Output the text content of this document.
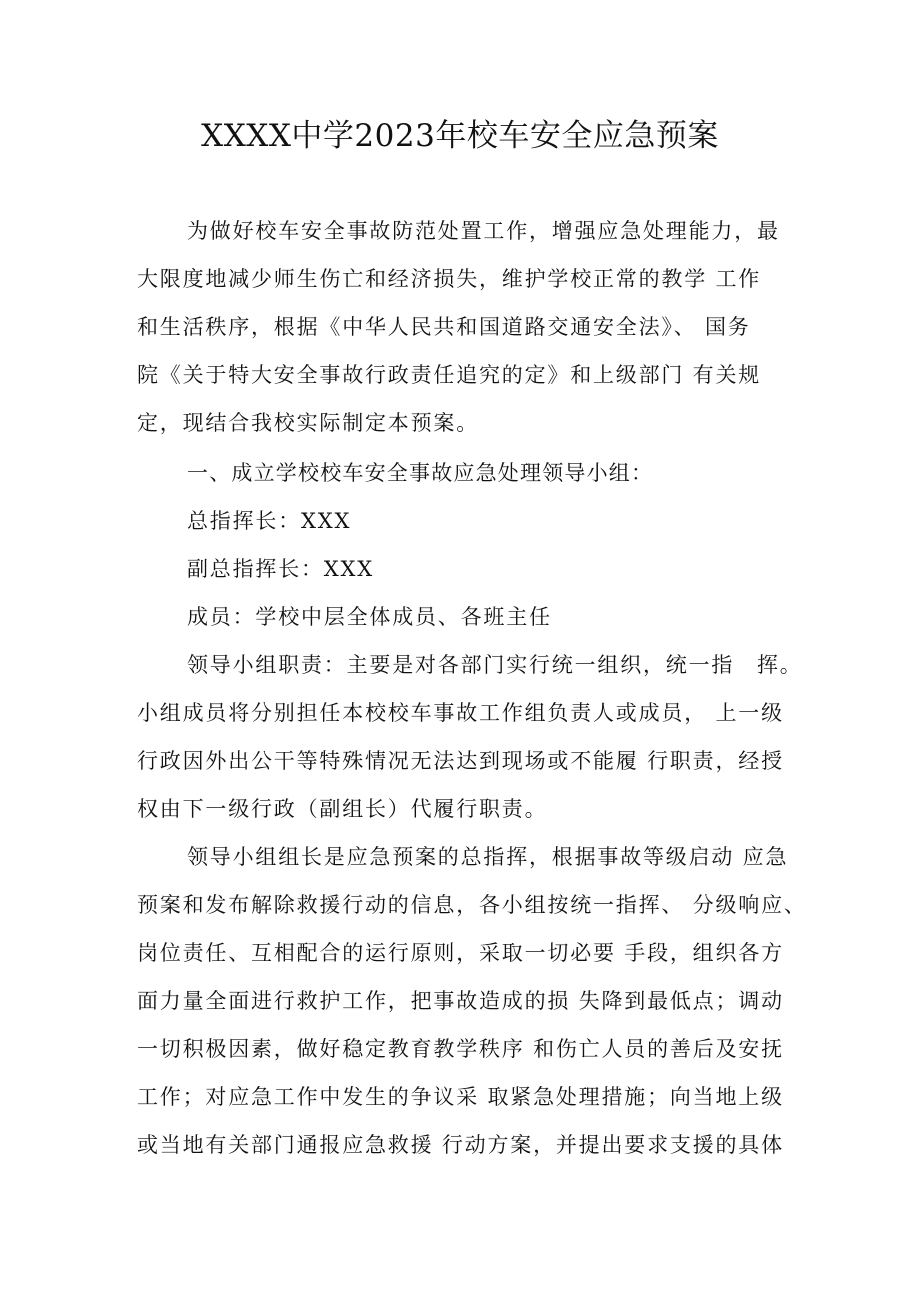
XXXX中学2023年校车安全应急预案
为做好校车安全事故防范处置工作，增强应急处理能力，最
大限度地减少师生伤亡和经济损失，维护学校正常的教学 工作
和生活秩序，根据《中华人民共和国道路交通安全法》、 国务
院《关于特大安全事故行政责任追究的定》和上级部门 有关规
定，现结合我校实际制定本预案。
一、成立学校校车安全事故应急处理领导小组：
总指挥长：XXX
副总指挥长：XXX
成员：学校中层全体成员、各班主任
领导小组职责：主要是对各部门实行统一组织，统一指　挥。
小组成员将分别担任本校校车事故工作组负责人或成员， 上一级
行政因外出公干等特殊情况无法达到现场或不能履 行职责，经授
权由下一级行政（副组长）代履行职责。
领导小组组长是应急预案的总指挥，根据事故等级启动 应急
预案和发布解除救援行动的信息，各小组按统一指挥、 分级响应、
岗位责任、互相配合的运行原则，采取一切必要 手段，组织各方
面力量全面进行救护工作，把事故造成的损 失降到最低点；调动
一切积极因素，做好稳定教育教学秩序 和伤亡人员的善后及安抚
工作；对应急工作中发生的争议采 取紧急处理措施；向当地上级
或当地有关部门通报应急救援 行动方案，并提出要求支援的具体
